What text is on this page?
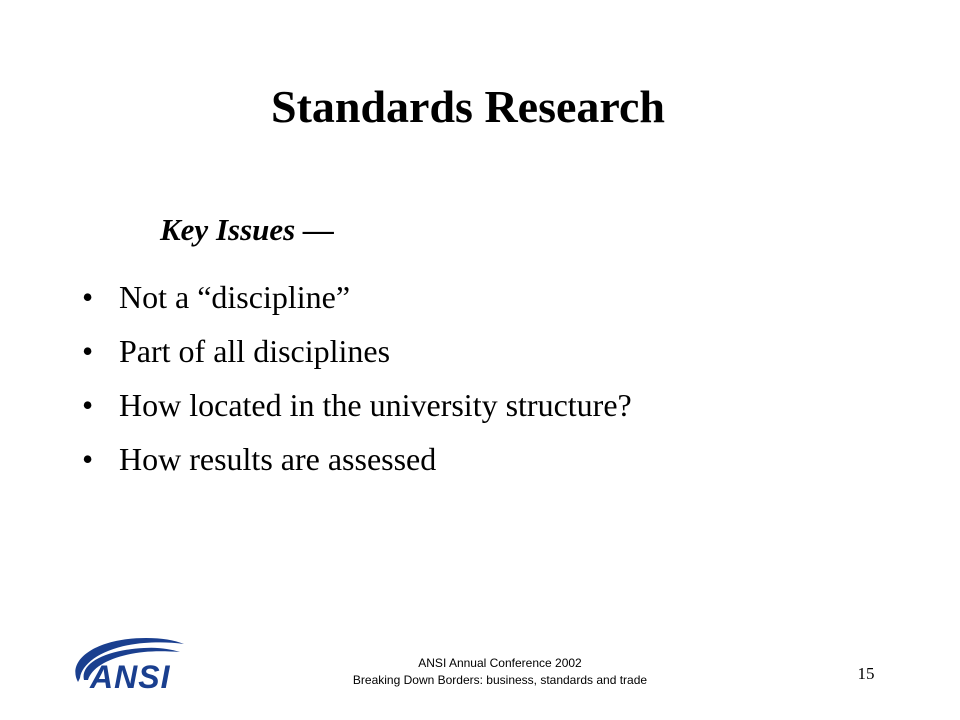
Standards Research

Key Issues —

• Not a “discipline”
• Part of all disciplines
• How located in the university structure?
• How results are assessed
ANSI	ANSI Annual Conference 2002
Breaking Down Borders: business, standards and trade	15
